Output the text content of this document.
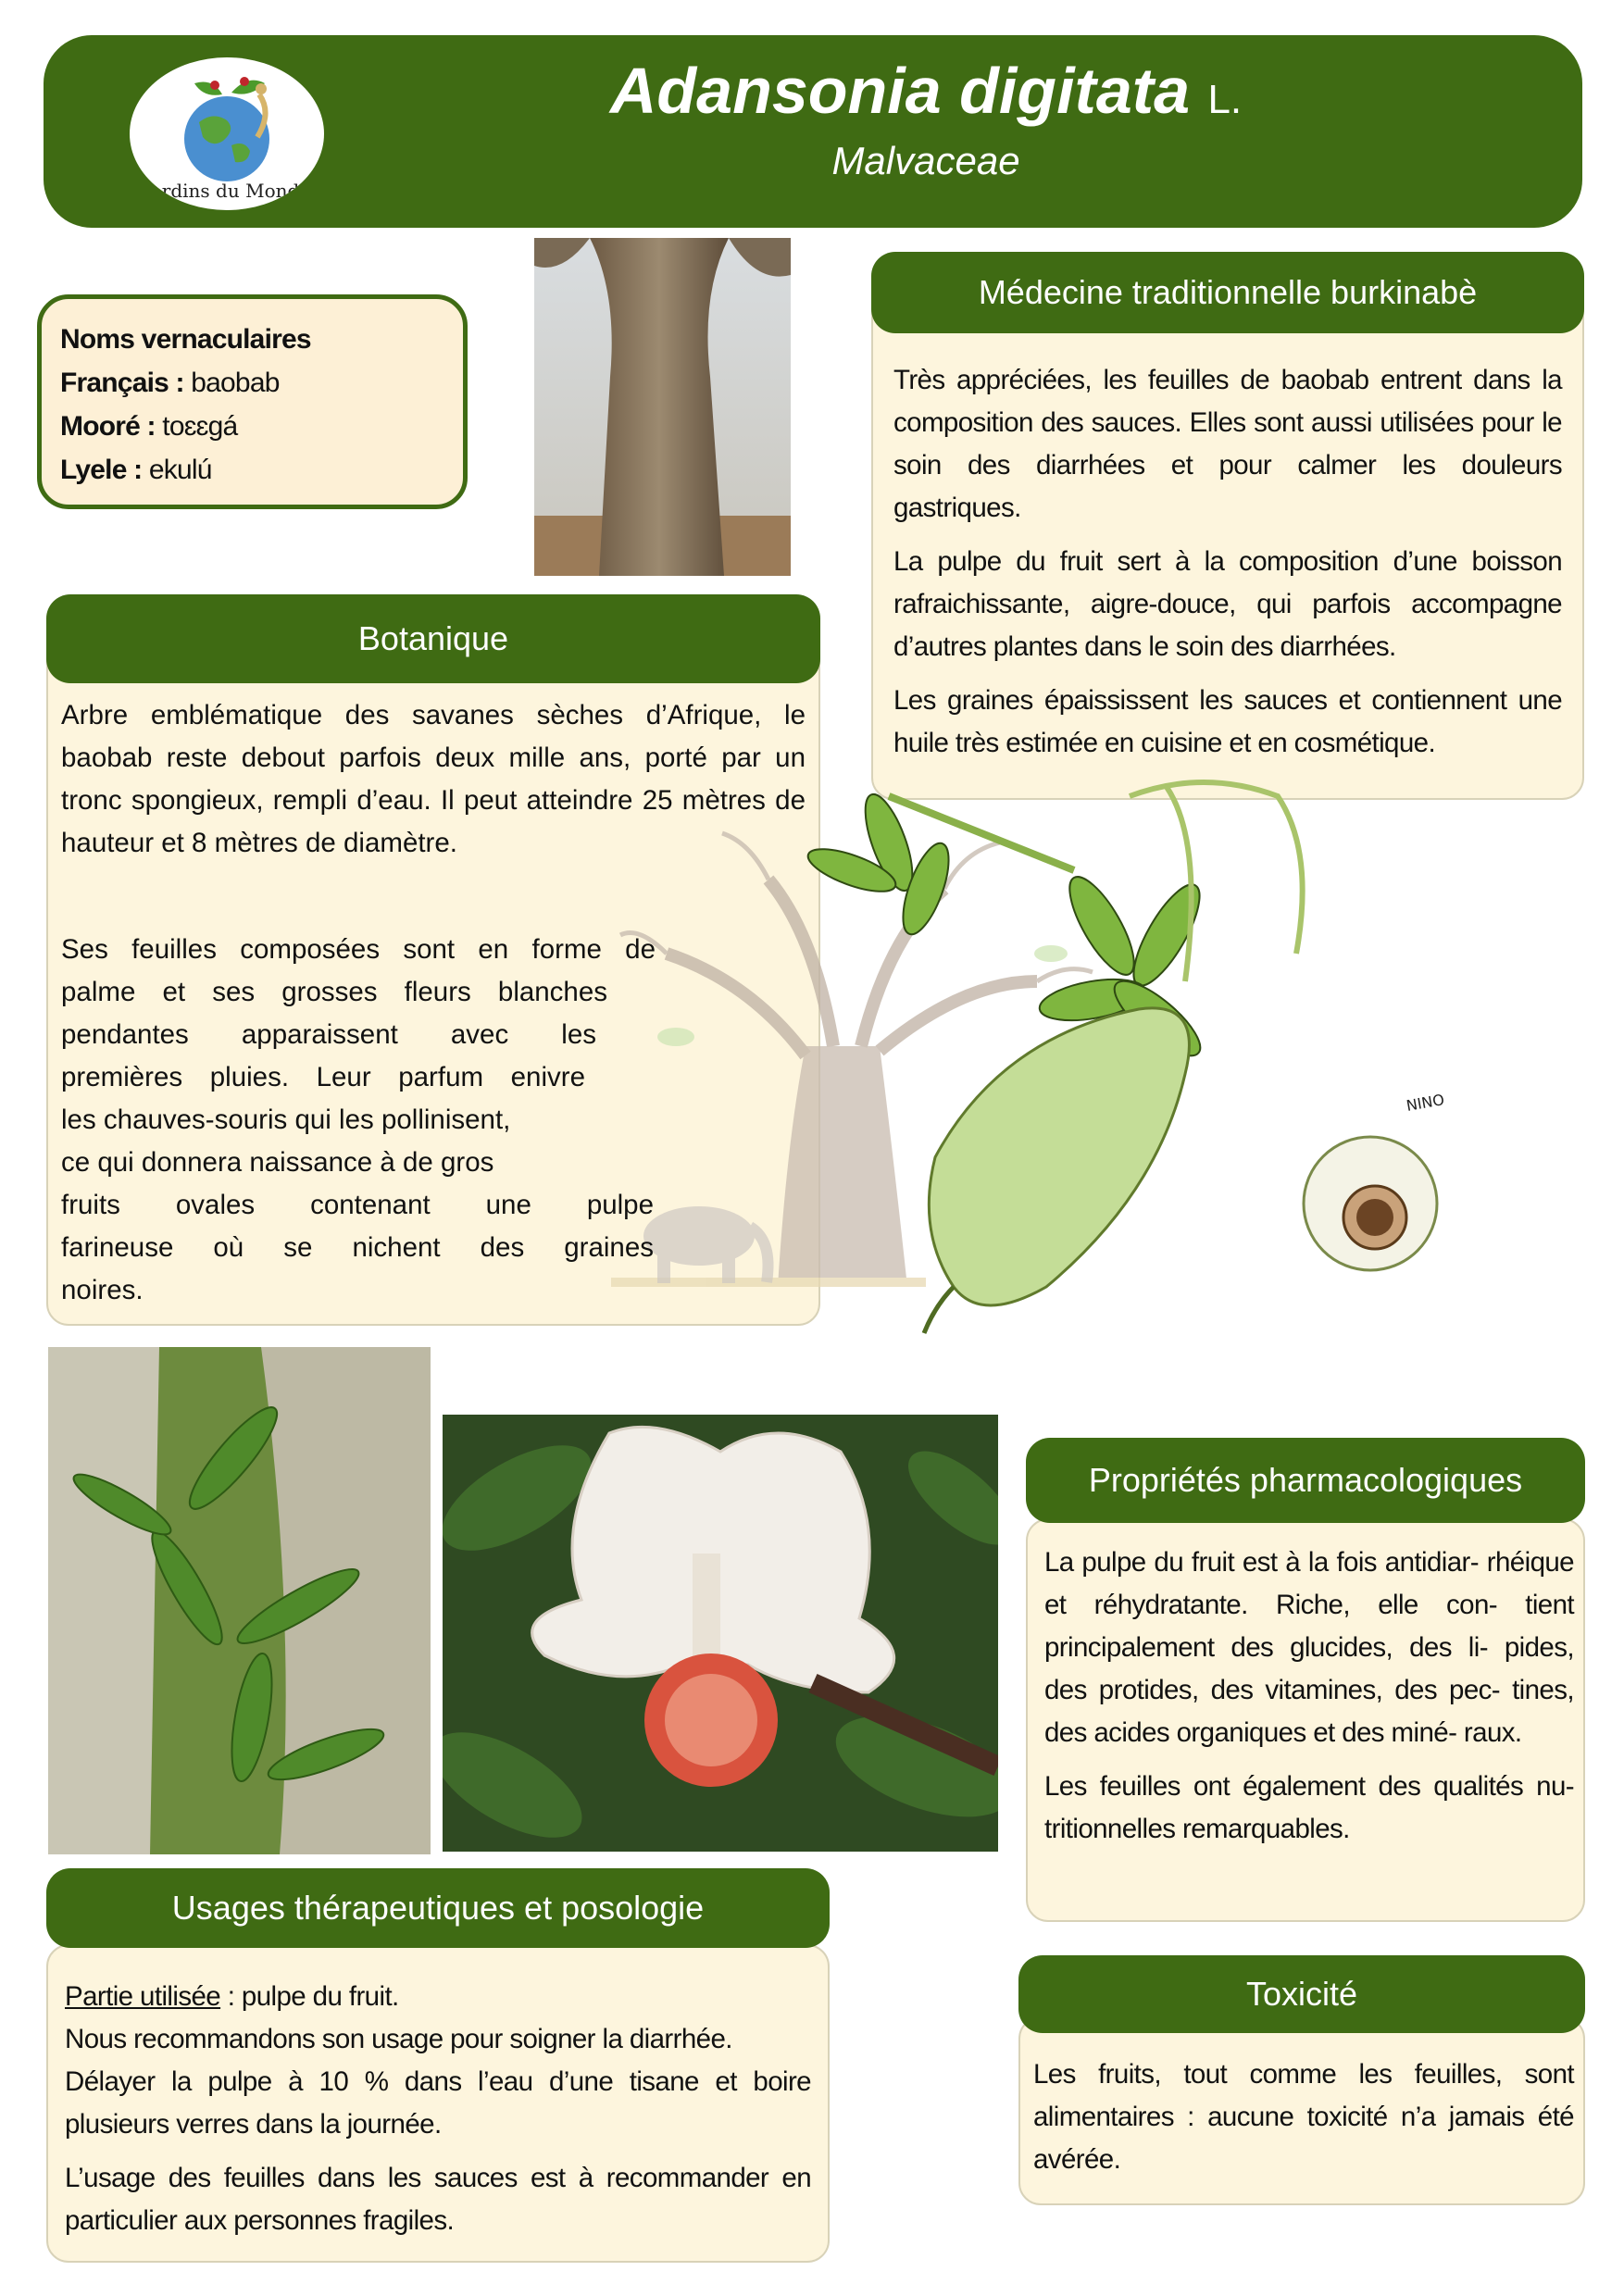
Jardins du Monde
Adansonia digitata L.
Malvaceae
Noms vernaculaires
Français : baobab
Mooré : toɛɛgá
Lyele : ekulú
Médecine traditionnelle burkinabè

Très appréciées, les feuilles de baobab entrent dans la composition des sauces. Elles sont aussi utilisées pour le soin des diarrhées et pour calmer les douleurs gastriques.

La pulpe du fruit sert à la composition d’une boisson rafraichissante, aigre-douce, qui parfois accompagne d’autres plantes dans le soin des diarrhées.

Les graines épaississent les sauces et contiennent une huile très estimée en cuisine et en cosmétique.

Botanique
NINO

Arbre emblématique des savanes sèches d’Afrique, le baobab reste debout parfois deux mille ans, porté par un tronc spongieux, rempli d’eau. Il peut atteindre 25 mètres de hauteur et 8 mètres de diamètre.

Ses feuilles composées sont en forme de
palme et ses grosses fleurs blanches
pendantes apparaissent avec les
premières pluies. Leur parfum enivre
les chauves-souris qui les pollinisent,
ce qui donnera naissance à de gros
fruits ovales contenant une pulpe
farineuse où se nichent des graines
noires.
Propriétés pharmacologiques

La pulpe du fruit est à la fois antidiar- rhéique et réhydratante. Riche, elle con- tient principalement des glucides, des li- pides, des protides, des vitamines, des pec- tines, des acides organiques et des miné- raux.

Les feuilles ont également des qualités nu- tritionnelles remarquables.

Usages thérapeutiques et posologie
Partie utilisée : pulpe du fruit.
Nous recommandons son usage pour soigner la diarrhée.

Délayer la pulpe à 10 % dans l’eau d’une tisane et boire plusieurs verres dans la journée.

L’usage des feuilles dans les sauces est à recommander en particulier aux personnes fragiles.

Toxicité
Les fruits, tout comme les feuilles, sont alimentaires : aucune toxicité n’a jamais été avérée.
